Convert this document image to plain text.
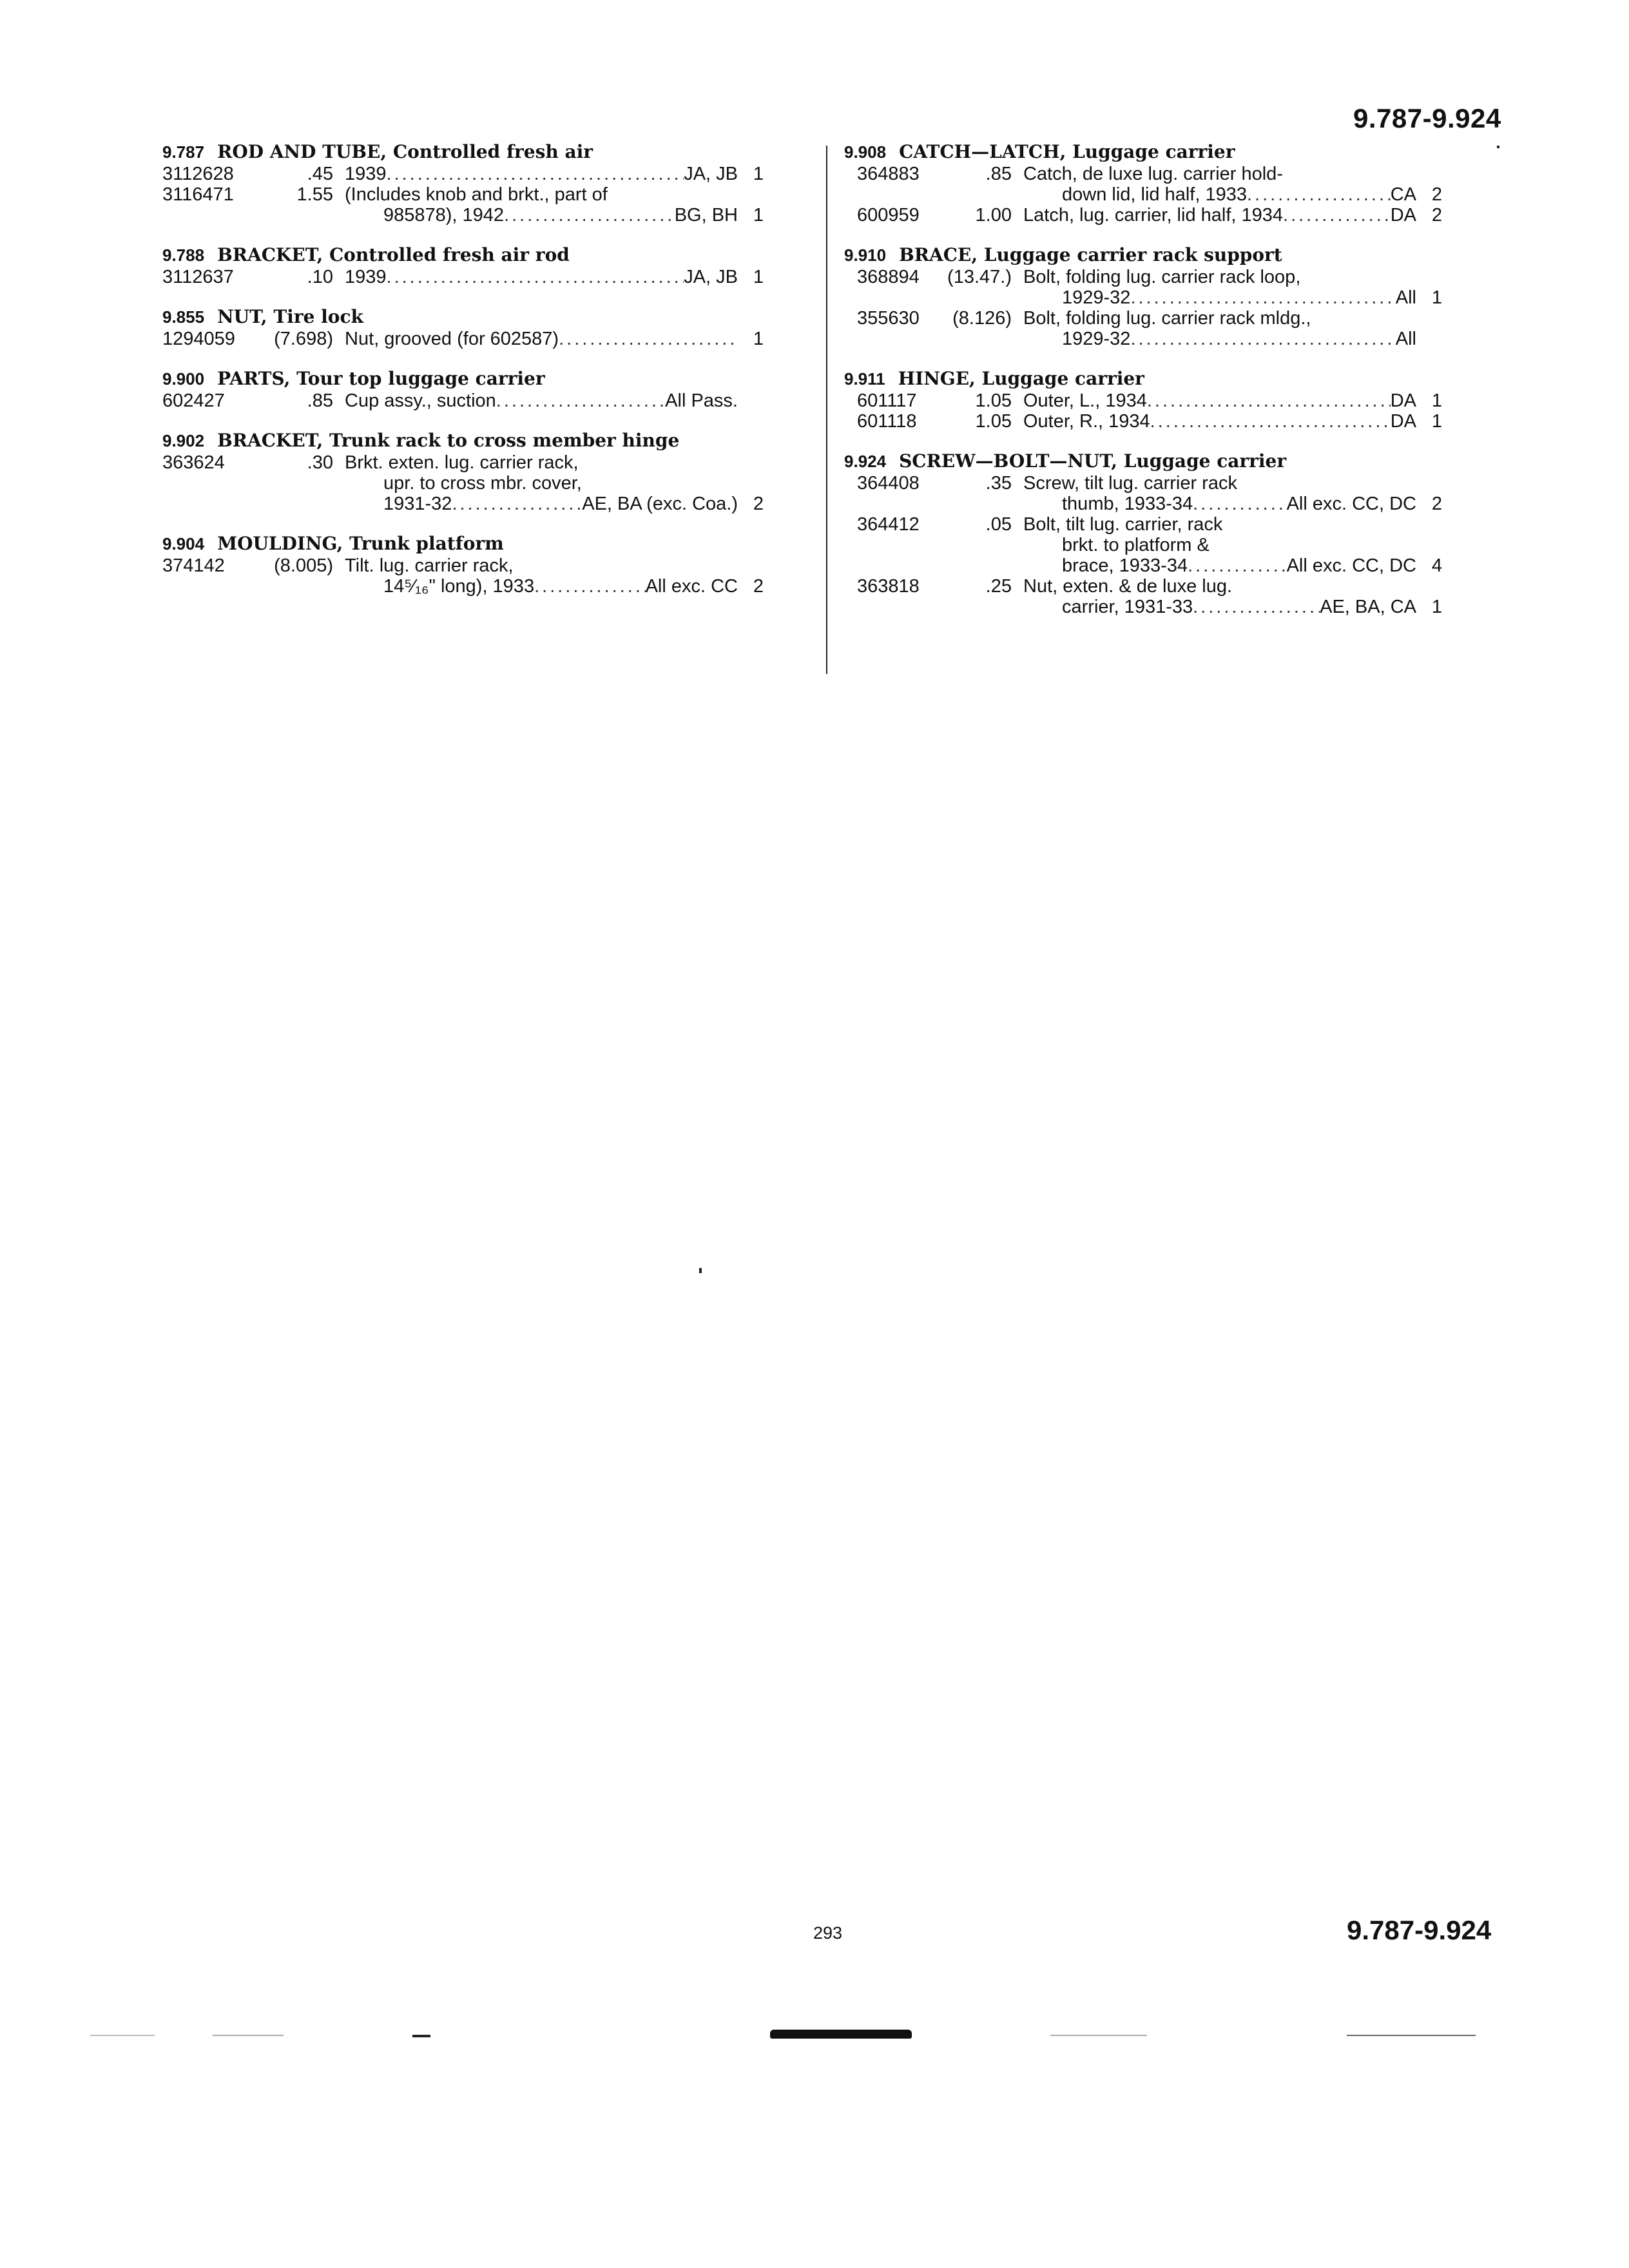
9.787-9.924
9.787 ROD AND TUBE, Controlled fresh air
3112628	.45 1939 .....	JA, JB 1
3116471	1.55 (Includes knob and brkt., part of
985878), 1942 .....	BG, BH 1
9.788 BRACKET, Controlled fresh air rod
3112637	.10 1939 .....	JA, JB 1
9.855 NUT, Tire lock
1294059	(7.698) Nut, grooved (for 602587) .....	1
9.900 PARTS, Tour top luggage carrier
602427	.85 Cup assy., suction .....	All Pass.
9.902 BRACKET, Trunk rack to cross member hinge
363624	.30 Brkt. exten. lug. carrier rack,
upr. to cross mbr. cover,
1931-32 .....	AE, BA (exc. Coa.) 2
9.904 MOULDING, Trunk platform
374142	(8.005) Tilt. lug. carrier rack,
14⁵⁄₁₆" long), 1933 .....	All exc. CC 2
9.908 CATCH—LATCH, Luggage carrier
364883	.85 Catch, de luxe lug. carrier hold-
down lid, lid half, 1933 .....	CA 2
600959	1.00 Latch, lug. carrier, lid half, 1934 .....	DA 2
9.910 BRACE, Luggage carrier rack support
368894	(13.47.) Bolt, folding lug. carrier rack loop,
1929-32 .....	All 1
355630	(8.126) Bolt, folding lug. carrier rack mldg.,
1929-32 .....	All
9.911 HINGE, Luggage carrier
601117	1.05 Outer, L., 1934 .....	DA 1
601118	1.05 Outer, R., 1934 .....	DA 1
9.924 SCREW—BOLT—NUT, Luggage carrier
364408	.35 Screw, tilt lug. carrier rack
thumb, 1933-34 .....	All exc. CC, DC 2
364412	.05 Bolt, tilt lug. carrier, rack
brkt. to platform &
brace, 1933-34 .....	All exc. CC, DC 4
363818	.25 Nut, exten. & de luxe lug.
carrier, 1931-33 .....	AE, BA, CA 1
293	9.787-9.924
